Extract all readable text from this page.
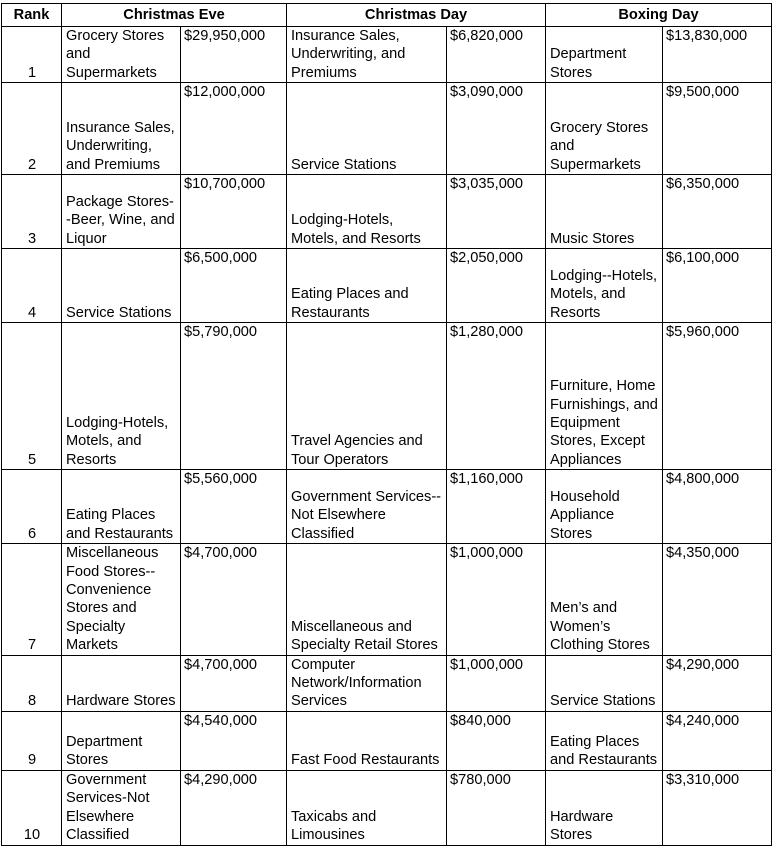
Rank	Christmas Eve		Christmas Day		Boxing Day	
1	Grocery Stores and Supermarkets	$29,950,000	Insurance Sales, Underwriting, and Premiums	$6,820,000	Department Stores	$13,830,000
2	Insurance Sales, Underwriting, and Premiums	$12,000,000	Service Stations	$3,090,000	Grocery Stores and Supermarkets	$9,500,000
3	Package Stores--Beer, Wine, and Liquor	$10,700,000	Lodging-Hotels, Motels, and Resorts	$3,035,000	Music Stores	$6,350,000
4	Service Stations	$6,500,000	Eating Places and Restaurants	$2,050,000	Lodging--Hotels, Motels, and Resorts	$6,100,000
5	Lodging-Hotels, Motels, and Resorts	$5,790,000	Travel Agencies and Tour Operators	$1,280,000	Furniture, Home Furnishings, and Equipment Stores, Except Appliances	$5,960,000
6	Eating Places and Restaurants	$5,560,000	Government Services--Not Elsewhere Classified	$1,160,000	Household Appliance Stores	$4,800,000
7	Miscellaneous Food Stores--Convenience Stores and Specialty Markets	$4,700,000	Miscellaneous and Specialty Retail Stores	$1,000,000	Men’s and Women’s Clothing Stores	$4,350,000
8	Hardware Stores	$4,700,000	Computer Network/Information Services	$1,000,000	Service Stations	$4,290,000
9	Department Stores	$4,540,000	Fast Food Restaurants	$840,000	Eating Places and Restaurants	$4,240,000
10	Government Services-Not Elsewhere Classified	$4,290,000	Taxicabs and Limousines	$780,000	Hardware Stores	$3,310,000
